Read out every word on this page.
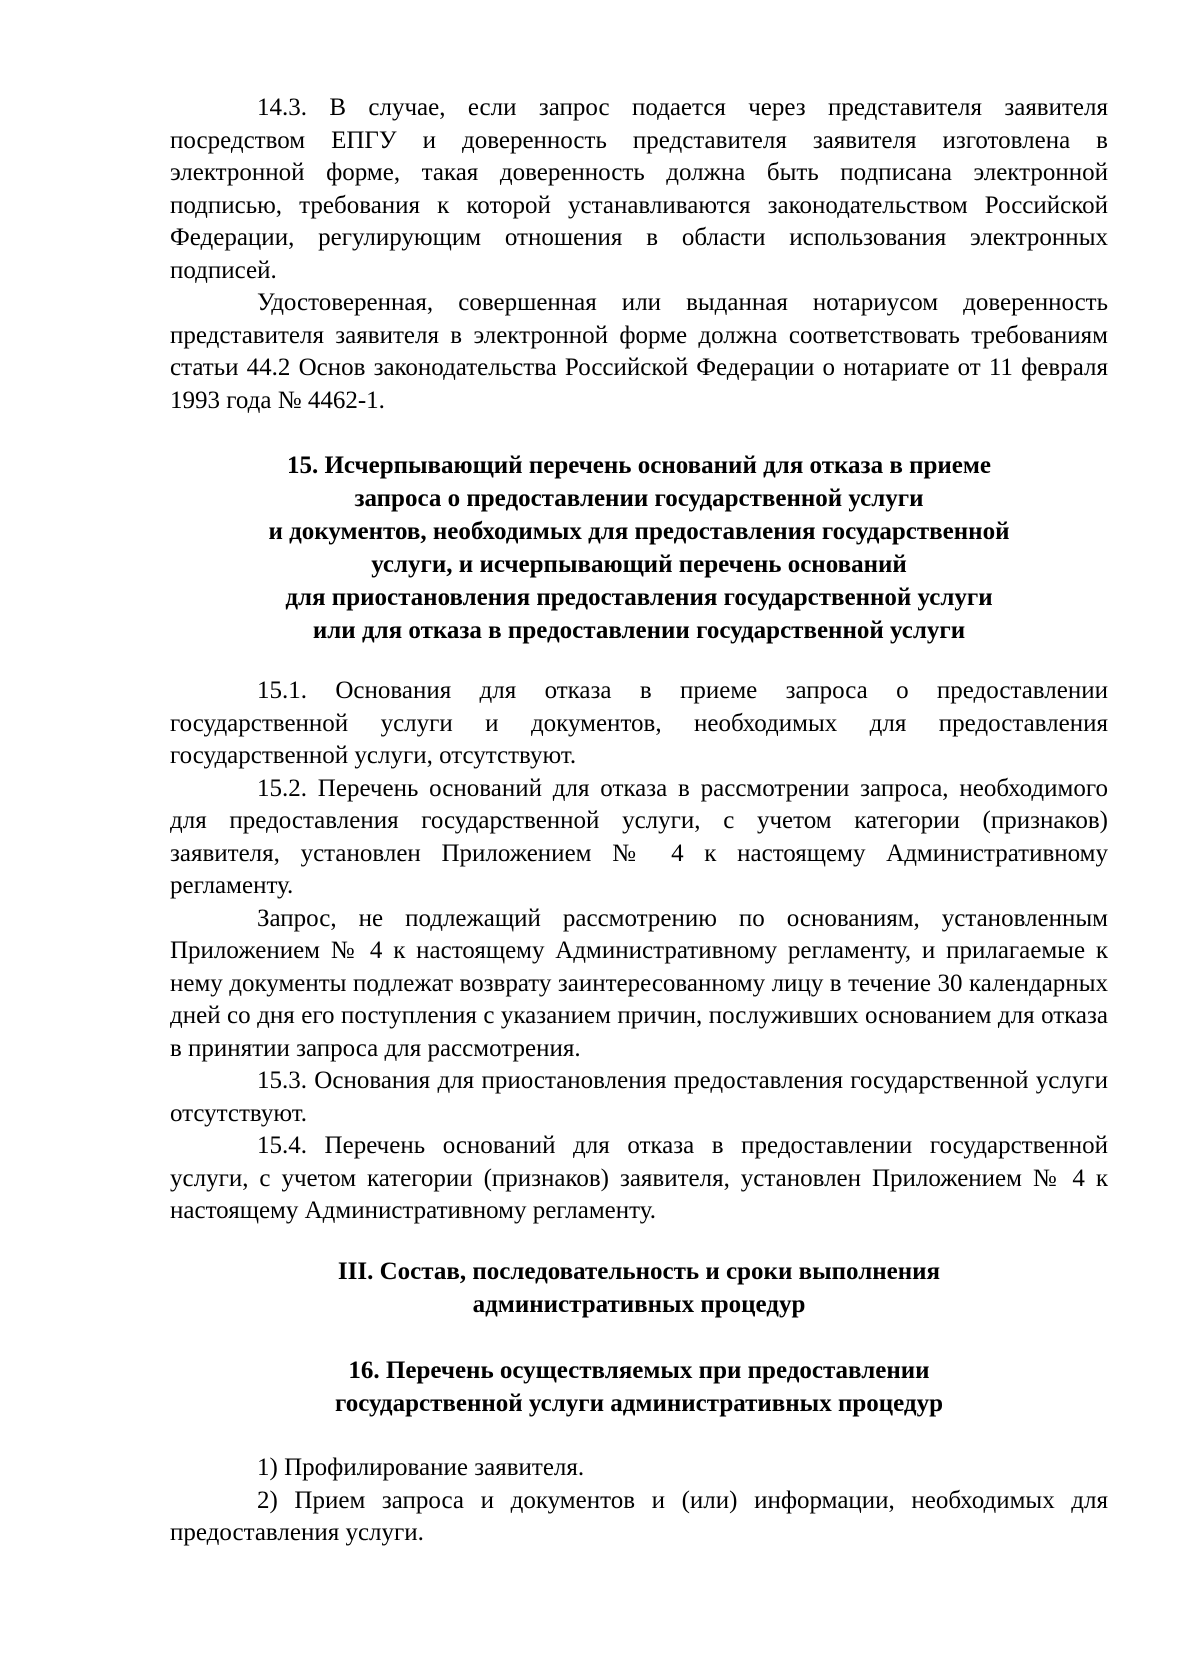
14.3. В случае, если запрос подается через представителя заявителя посредством ЕПГУ и доверенность представителя заявителя изготовлена в электронной форме, такая доверенность должна быть подписана электронной подписью, требования к которой устанавливаются законодательством Российской Федерации, регулирующим отношения в области использования электронных подписей.

Удостоверенная, совершенная или выданная нотариусом доверенность представителя заявителя в электронной форме должна соответствовать требованиям статьи 44.2 Основ законодательства Российской Федерации о нотариате от 11 февраля 1993 года № 4462-1.

15. Исчерпывающий перечень оснований для отказа в приеме
запроса о предоставлении государственной услуги
и документов, необходимых для предоставления государственной
услуги, и исчерпывающий перечень оснований
для приостановления предоставления государственной услуги
или для отказа в предоставлении государственной услуги

15.1. Основания для отказа в приеме запроса о предоставлении государственной услуги и документов, необходимых для предоставления государственной услуги, отсутствуют.

15.2. Перечень оснований для отказа в рассмотрении запроса, необходимого для предоставления государственной услуги, с учетом категории (признаков) заявителя, установлен Приложением № 4 к настоящему Административному регламенту.

Запрос, не подлежащий рассмотрению по основаниям, установленным Приложением № 4 к настоящему Административному регламенту, и прилагаемые к нему документы подлежат возврату заинтересованному лицу в течение 30 календарных дней со дня его поступления с указанием причин, послуживших основанием для отказа в принятии запроса для рассмотрения.

15.3. Основания для приостановления предоставления государственной услуги отсутствуют.

15.4. Перечень оснований для отказа в предоставлении государственной услуги, с учетом категории (признаков) заявителя, установлен Приложением № 4 к настоящему Административному регламенту.

III. Состав, последовательность и сроки выполнения
административных процедур
16. Перечень осуществляемых при предоставлении
государственной услуги административных процедур

1) Профилирование заявителя.

2) Прием запроса и документов и (или) информации, необходимых для предоставления услуги.
